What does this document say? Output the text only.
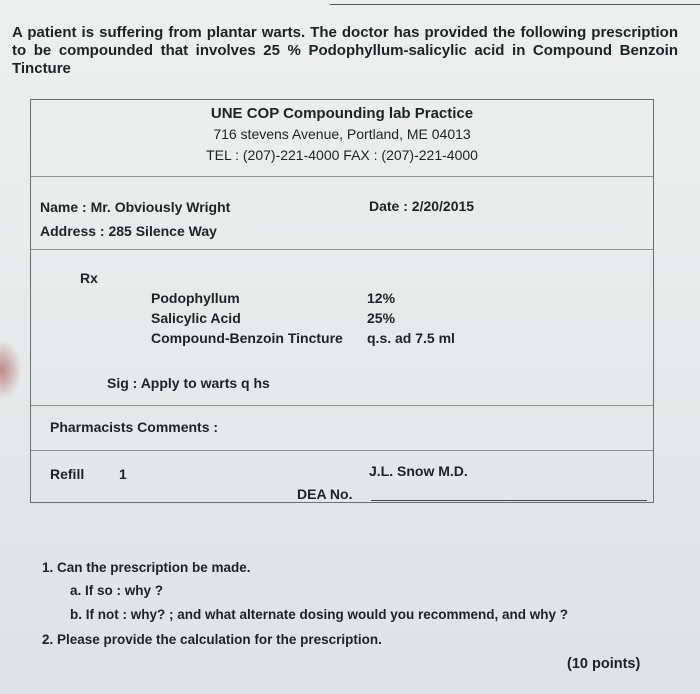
A patient is suffering from plantar warts. The doctor has provided the following prescription to be compounded that involves 25 % Podophyllum-salicylic acid in Compound Benzoin Tincture
UNE COP Compounding lab Practice
716 stevens Avenue, Portland, ME 04013
TEL : (207)-221-4000 FAX : (207)-221-4000
Name : Mr. Obviously Wright	Date : 2/20/2015
Address : 285 Silence Way
Rx
Podophyllum	12%
Salicylic Acid	25%
Compound-Benzoin Tincture q.s. ad 7.5 ml
Sig : Apply to warts q hs
Pharmacists Comments :
Refill 1	J.L. Snow M.D.
DEA No.
1. Can the prescription be made.
a. If so : why ?
b. If not : why? ; and what alternate dosing would you recommend, and why ?
2. Please provide the calculation for the prescription.
(10 points)
